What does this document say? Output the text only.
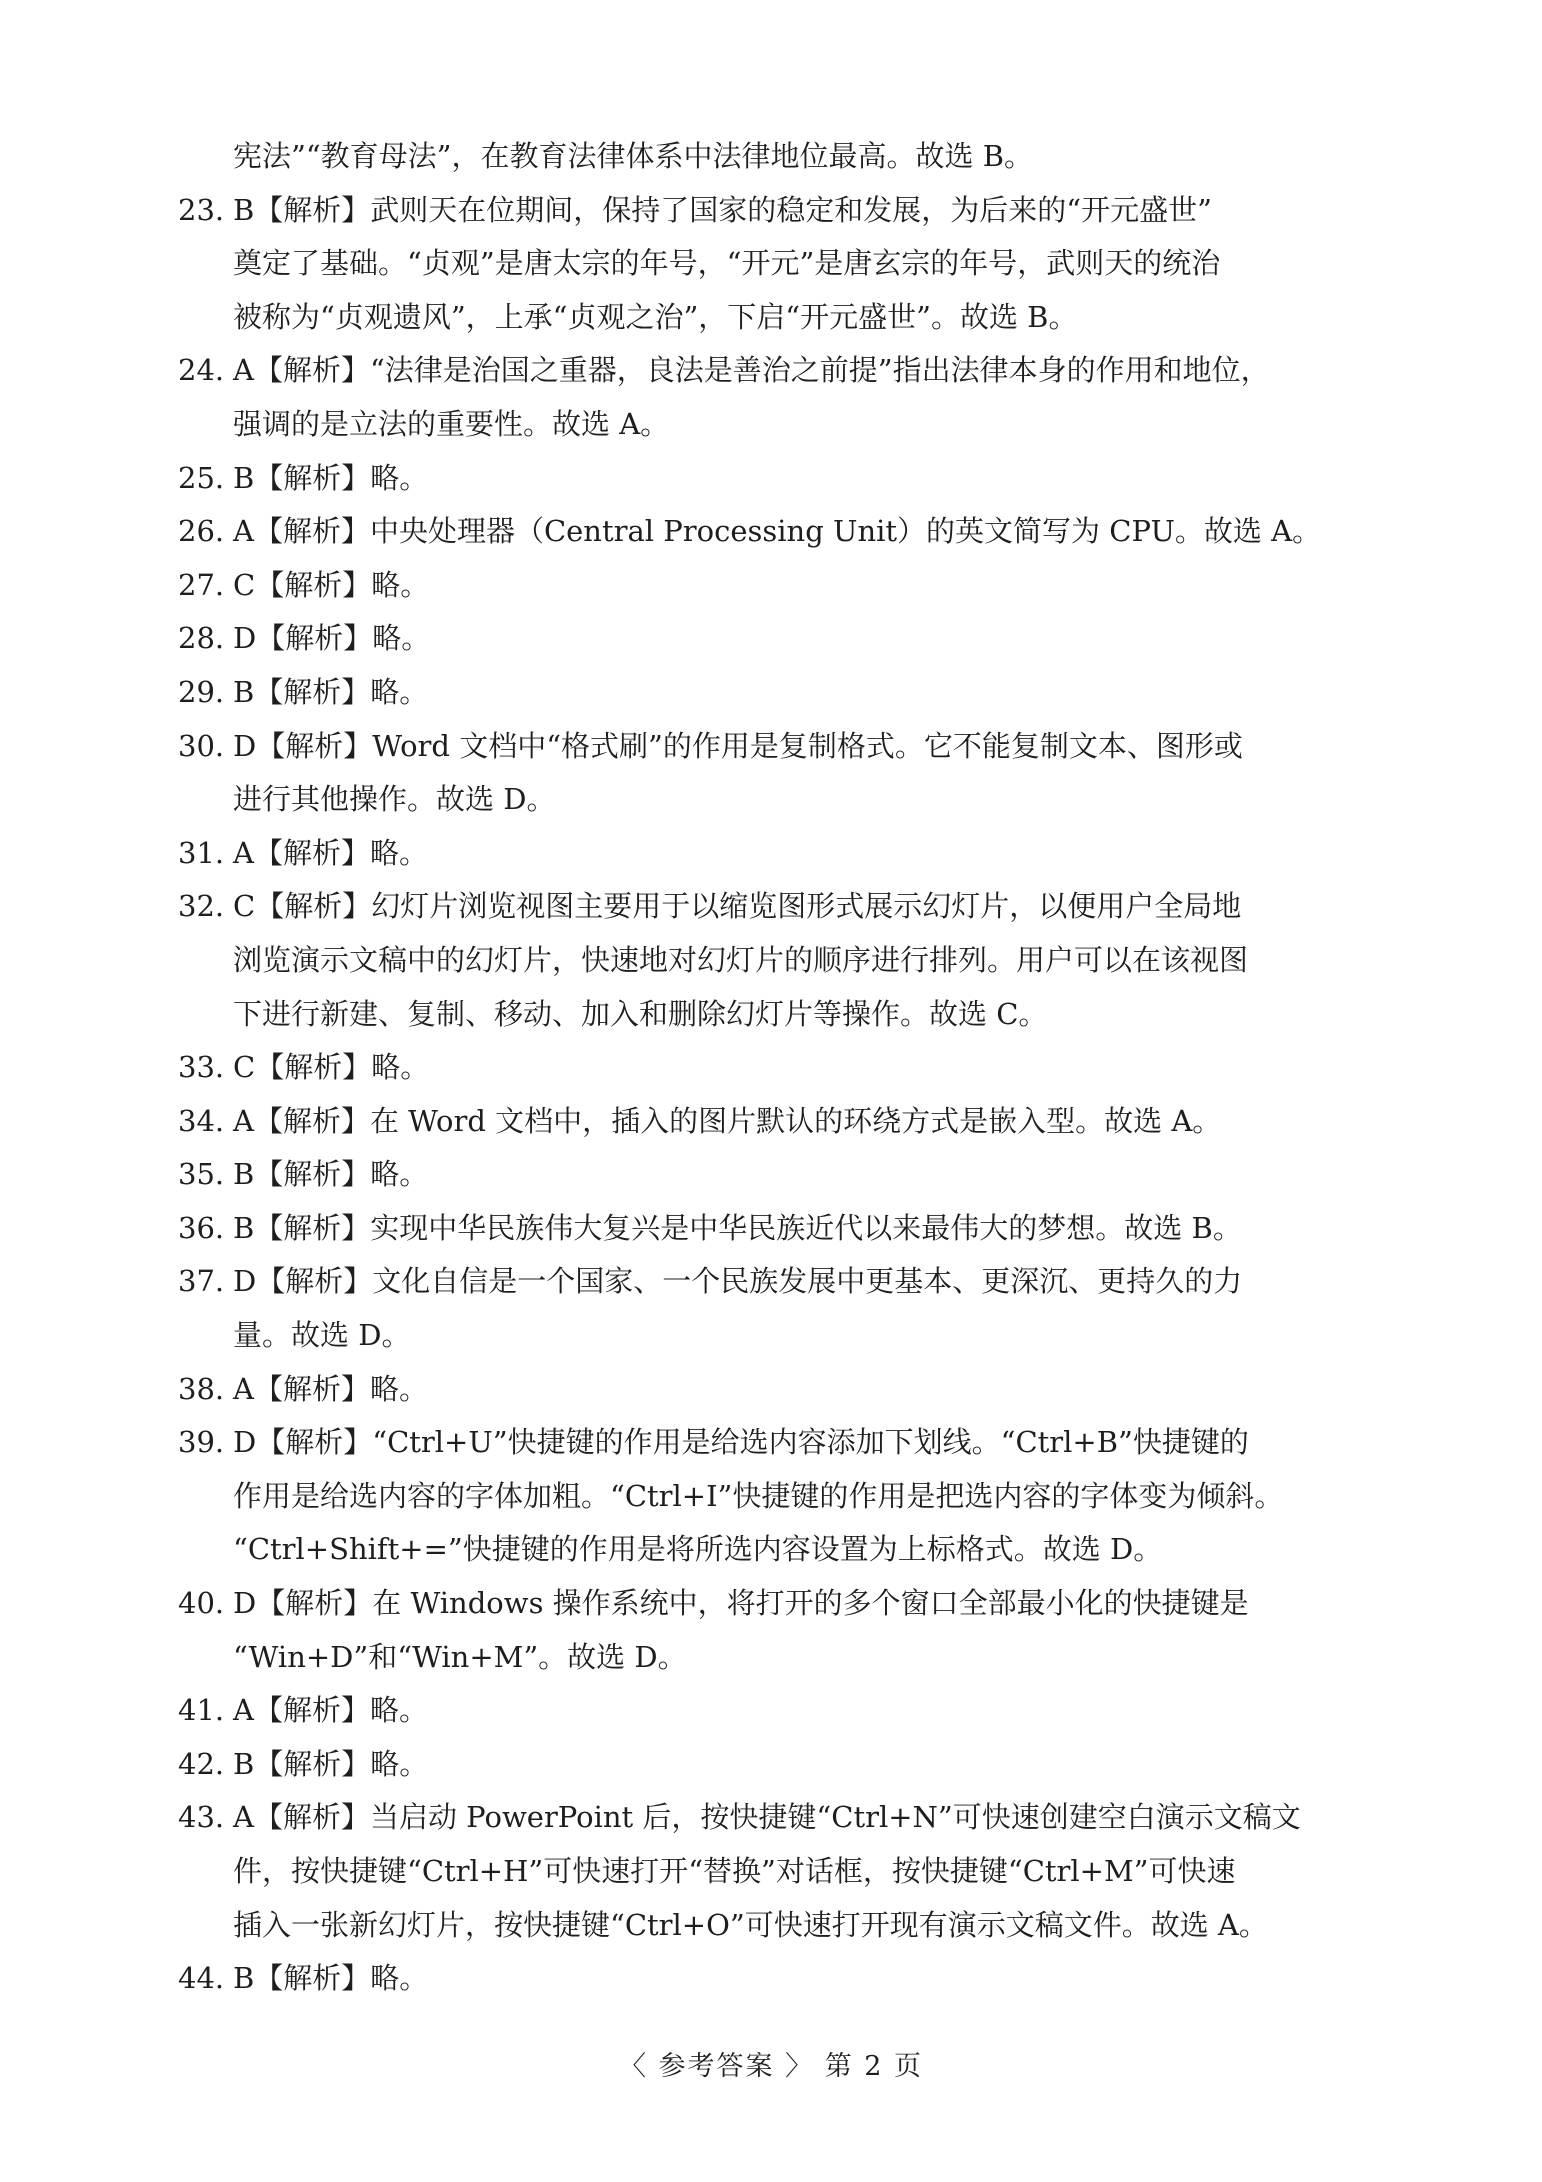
宪法”“教育母法”，在教育法律体系中法律地位最高。故选 B。
23. B【解析】武则天在位期间，保持了国家的稳定和发展，为后来的“开元盛世”
奠定了基础。“贞观”是唐太宗的年号，“开元”是唐玄宗的年号，武则天的统治
被称为“贞观遗风”，上承“贞观之治”，下启“开元盛世”。故选 B。
24. A【解析】“法律是治国之重器，良法是善治之前提”指出法律本身的作用和地位，
强调的是立法的重要性。故选 A。
25. B【解析】略。
26. A【解析】中央处理器（Central Processing Unit）的英文简写为 CPU。故选 A。
27. C【解析】略。
28. D【解析】略。
29. B【解析】略。
30. D【解析】Word 文档中“格式刷”的作用是复制格式。它不能复制文本、图形或
进行其他操作。故选 D。
31. A【解析】略。
32. C【解析】幻灯片浏览视图主要用于以缩览图形式展示幻灯片，以便用户全局地
浏览演示文稿中的幻灯片，快速地对幻灯片的顺序进行排列。用户可以在该视图
下进行新建、复制、移动、加入和删除幻灯片等操作。故选 C。
33. C【解析】略。
34. A【解析】在 Word 文档中，插入的图片默认的环绕方式是嵌入型。故选 A。
35. B【解析】略。
36. B【解析】实现中华民族伟大复兴是中华民族近代以来最伟大的梦想。故选 B。
37. D【解析】文化自信是一个国家、一个民族发展中更基本、更深沉、更持久的力
量。故选 D。
38. A【解析】略。
39. D【解析】“Ctrl+U”快捷键的作用是给选内容添加下划线。“Ctrl+B”快捷键的
作用是给选内容的字体加粗。“Ctrl+I”快捷键的作用是把选内容的字体变为倾斜。
“Ctrl+Shift+=”快捷键的作用是将所选内容设置为上标格式。故选 D。
40. D【解析】在 Windows 操作系统中，将打开的多个窗口全部最小化的快捷键是
“Win+D”和“Win+M”。故选 D。
41. A【解析】略。
42. B【解析】略。
43. A【解析】当启动 PowerPoint 后，按快捷键“Ctrl+N”可快速创建空白演示文稿文
件，按快捷键“Ctrl+H”可快速打开“替换”对话框，按快捷键“Ctrl+M”可快速
插入一张新幻灯片，按快捷键“Ctrl+O”可快速打开现有演示文稿文件。故选 A。
44. B【解析】略。
〈 参考答案 〉 第 2 页
